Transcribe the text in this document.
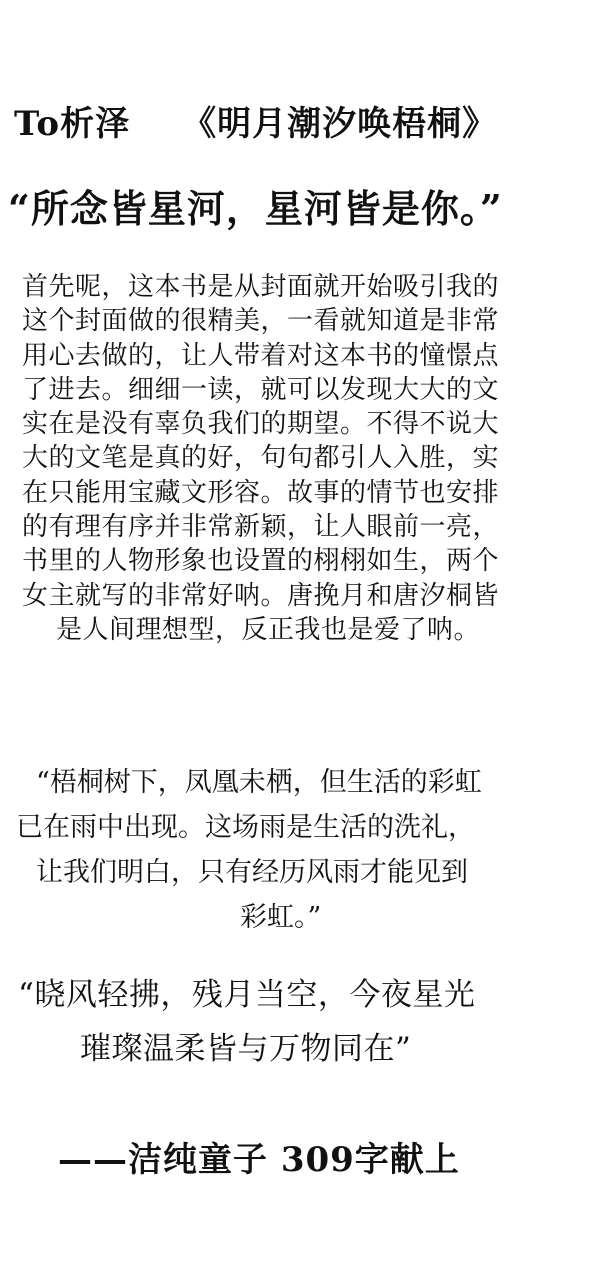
To析泽 《明月潮汐唤梧桐》
“所念皆星河，星河皆是你。”
首先呢，这本书是从封面就开始吸引我的
这个封面做的很精美，一看就知道是非常
用心去做的，让人带着对这本书的憧憬点
了进去。细细一读，就可以发现大大的文
实在是没有辜负我们的期望。不得不说大
大的文笔是真的好，句句都引人入胜，实
在只能用宝藏文形容。故事的情节也安排
的有理有序并非常新颖，让人眼前一亮，
书里的人物形象也设置的栩栩如生，两个
女主就写的非常好呐。唐挽月和唐汐桐皆
是人间理想型，反正我也是爱了呐。
“梧桐树下，凤凰未栖，但生活的彩虹
已在雨中出现。这场雨是生活的洗礼，
让我们明白，只有经历风雨才能见到
彩虹。”
“晓风轻拂，残月当空，今夜星光
璀璨温柔皆与万物同在”
——洁纯童子 309字献上
